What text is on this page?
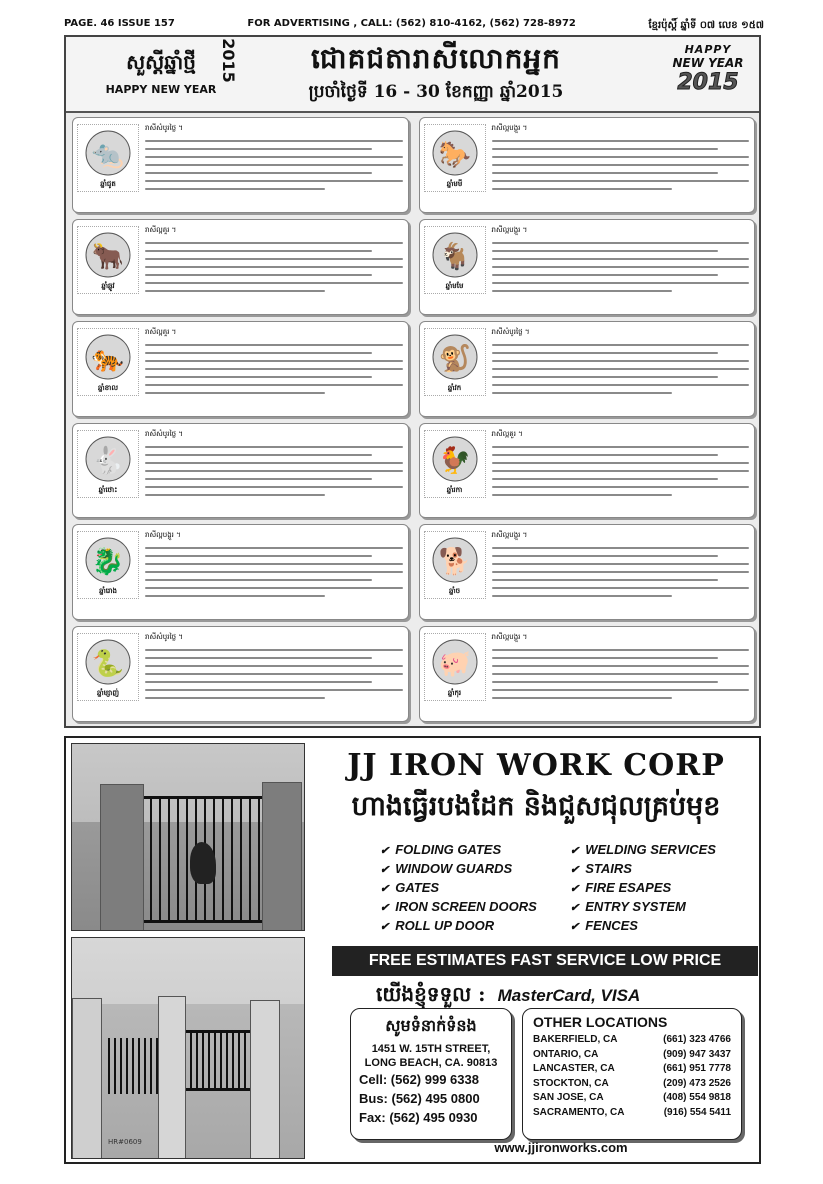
PAGE. 46 ISSUE 157	FOR ADVERTISING , CALL: (562) 810-4162, (562) 728-8972	ខ្មែរប៉ុស្តិ៍ ឆ្នាំទី ០៧ លេខ ១៥៧
សួស្តីឆ្នាំថ្មី
HAPPY NEW YEAR
2015	ជោគជតារាសីលោកអ្នក
ប្រចាំថ្ងៃទី 16 - 30 ខែកញ្ញា ឆ្នាំ2015
HAPPY
NEW YEAR
2015
🐀
ឆ្នាំជូត
រាសីសំបូរថ្លៃ ។
🐎
ឆ្នាំមមី
រាសីល្អបង្គួរ ។
🐂
ឆ្នាំឆ្លូវ
រាសីល្អគួរ ។
🐐
ឆ្នាំមមែ
រាសីល្អបង្គួរ ។
🐅
ឆ្នាំខាល
រាសីល្អគួរ ។
🐒
ឆ្នាំវក
រាសីសំបូរថ្លៃ ។
🐇
ឆ្នាំថោះ
រាសីសំបូរថ្លៃ ។
🐓
ឆ្នាំរកា
រាសីល្អគួរ ។
🐉
ឆ្នាំរោង
រាសីល្អបង្គួរ ។
🐕
ឆ្នាំច
រាសីល្អបង្គួរ ។
🐍
ឆ្នាំម្សាញ់
រាសីសំបូរថ្លៃ ។
🐖
ឆ្នាំកុរ
រាសីល្អបង្គួរ ។
HR#0609
JJ IRON WORK CORP
ហាងធ្វើរបងដែក និងជួសជុលគ្រប់មុខ
✔ FOLDING GATES
✔ WINDOW GUARDS
✔ GATES
✔ IRON SCREEN DOORS
✔ ROLL UP DOOR
✔ WELDING SERVICES
✔ STAIRS
✔ FIRE ESAPES
✔ ENTRY SYSTEM
✔ FENCES
FREE ESTIMATES FAST SERVICE LOW PRICE
យើងខ្ញុំទទួល : MasterCard, VISA
សូមទំនាក់ទំនង
1451 W. 15TH STREET,
LONG BEACH, CA. 90813
Cell: (562) 999 6338
Bus: (562) 495 0800
Fax: (562) 495 0930
OTHER LOCATIONS
BAKERFIELD, CA	(661) 323 4766
ONTARIO, CA	(909) 947 3437
LANCASTER, CA	(661) 951 7778
STOCKTON, CA	(209) 473 2526
SAN JOSE, CA	(408) 554 9818
SACRAMENTO, CA	(916) 554 5411
www.jjironworks.com
